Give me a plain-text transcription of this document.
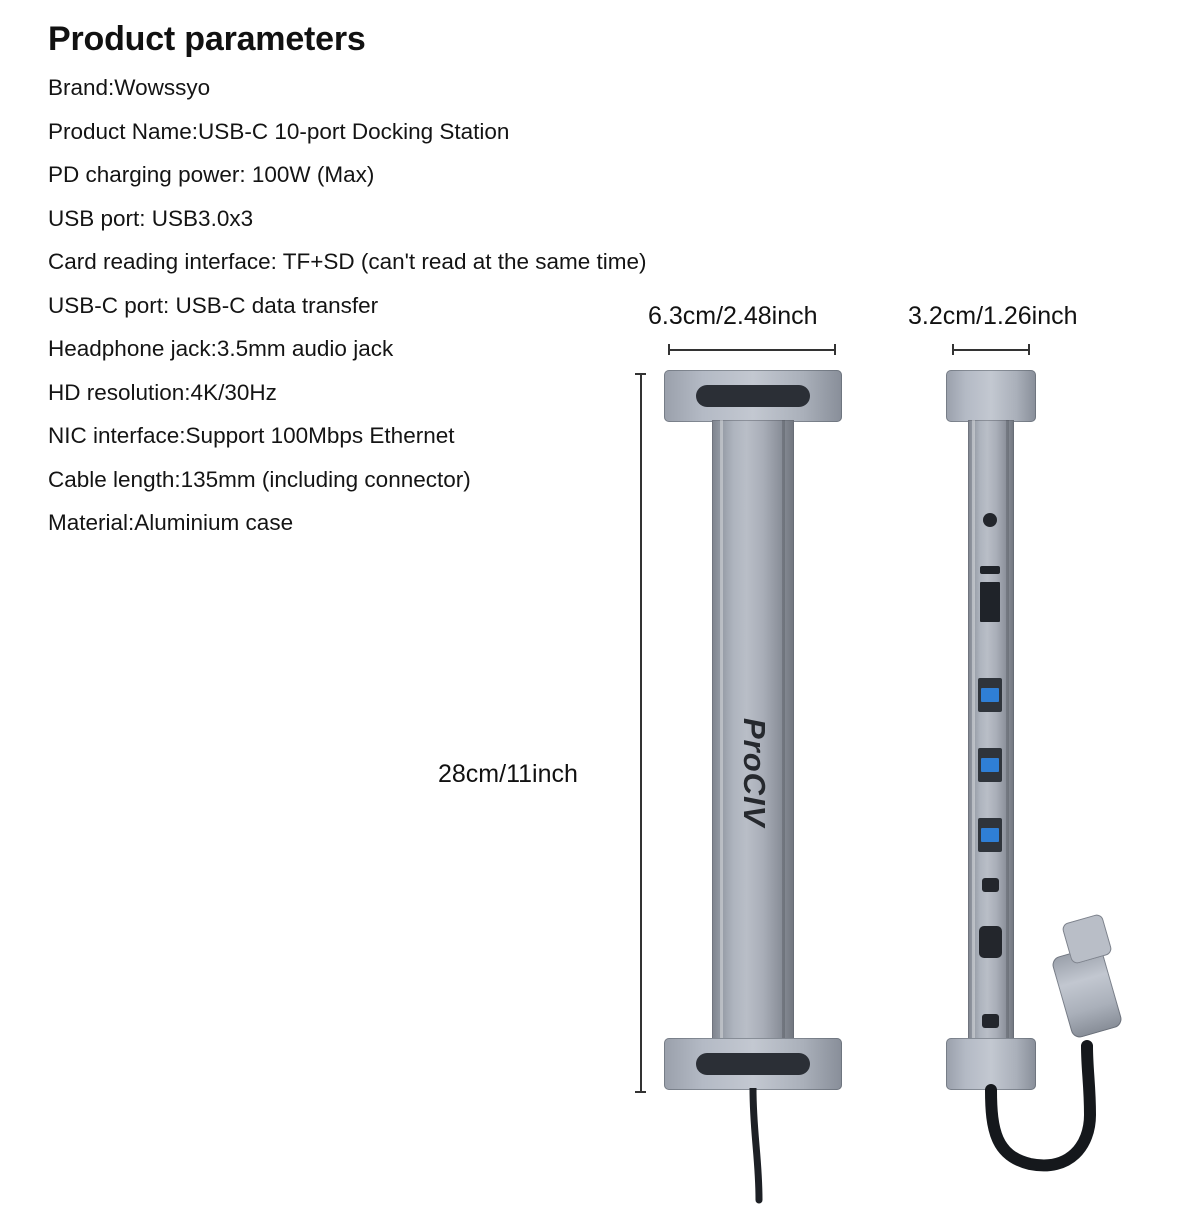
Product parameters

Brand:Wowssyo

Product Name:USB-C 10-port Docking Station

PD charging power: 100W (Max)

USB port: USB3.0x3

Card reading interface: TF+SD (can't read at the same time)

USB-C port: USB-C data transfer

Headphone jack:3.5mm audio jack

HD resolution:4K/30Hz

NIC interface:Support 100Mbps Ethernet

Cable length:135mm (including connector)

Material:Aluminium case

6.3cm/2.48inch	3.2cm/1.26inch
28cm/11inch	ProCIV
